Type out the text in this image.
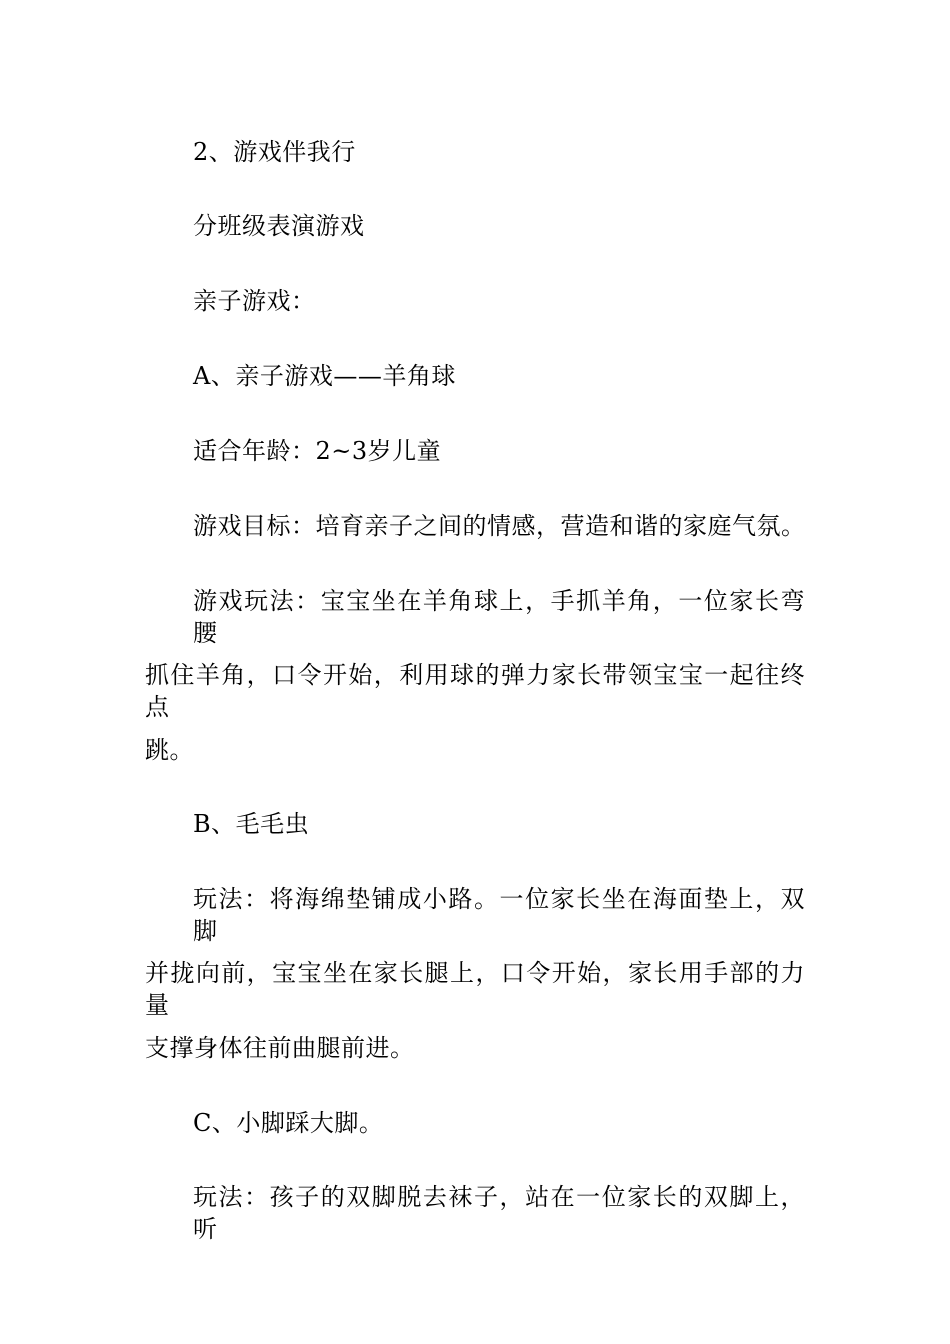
2、游戏伴我行
分班级表演游戏
亲子游戏：
A、亲子游戏——羊角球
适合年龄：2~3岁儿童
游戏目标：培育亲子之间的情感，营造和谐的家庭气氛。
游戏玩法：宝宝坐在羊角球上，手抓羊角，一位家长弯腰
抓住羊角，口令开始，利用球的弹力家长带领宝宝一起往终点
跳。
B、毛毛虫
玩法：将海绵垫铺成小路。一位家长坐在海面垫上，双脚
并拢向前，宝宝坐在家长腿上，口令开始，家长用手部的力量
支撑身体往前曲腿前进。
C、小脚踩大脚。
玩法：孩子的双脚脱去袜子，站在一位家长的双脚上，听
